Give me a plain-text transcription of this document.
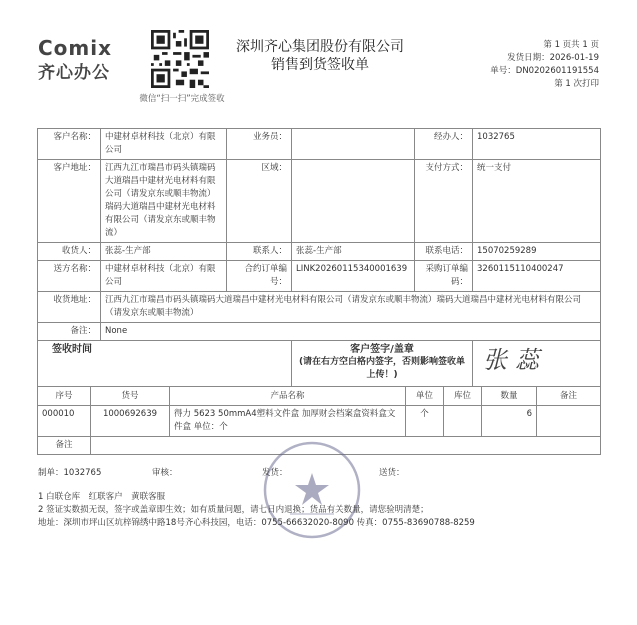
Comix
齐心办公
微信“扫一扫”完成签收
深圳齐心集团股份有限公司
销售到货签收单
第 1 页共 1 页
发货日期：2026-01-19
单号：DN0202601191554
第 1 次打印
客户名称：	中建材卓材科技（北京）有限公司	业务员：		经办人：	1032765
客户地址：	江西九江市瑞昌市码头镇瑞码大道瑞昌中建材光电材料有限公司（请发京东或顺丰物流）瑞码大道瑞昌中建材光电材料有限公司（请发京东或顺丰物流）	区域：		支付方式：	统一支付
收货人：	张蕊-生产部	联系人：	张蕊-生产部	联系电话：	15070259289
送方名称：	中建材卓材科技（北京）有限公司	合约订单编号：	LINK20260115340001639	采购订单编码：	3260115110400247
收货地址：	江西九江市瑞昌市码头镇瑞码大道瑞昌中建材光电材料有限公司（请发京东或顺丰物流）瑞码大道瑞昌中建材光电材料有限公司（请发京东或顺丰物流）				
备注：	None				
签收时间			客户签字/盖章
(请在右方空白格内签字，否则影响签收单上传！)		张蕊
序号	货号	产品名称	单位	库位	数量	备注
000010	1000692639	得力 5623 50mmA4塑料文件盒 加厚财会档案盒资料盒文件盒 单位：个	个		6	
备注						
制单：1032765	审核：	发货：	送货：
1 白联仓库　红联客户　黄联客服
2 签证实数损无误，签字或盖章即生效；如有质量问题，请七日内退换；货品有关数量，请您验明清楚；
地址：深圳市坪山区坑梓锦绣中路18号齐心科技园，电话：0755-66632020-8090 传真：0755-83690788-8259
